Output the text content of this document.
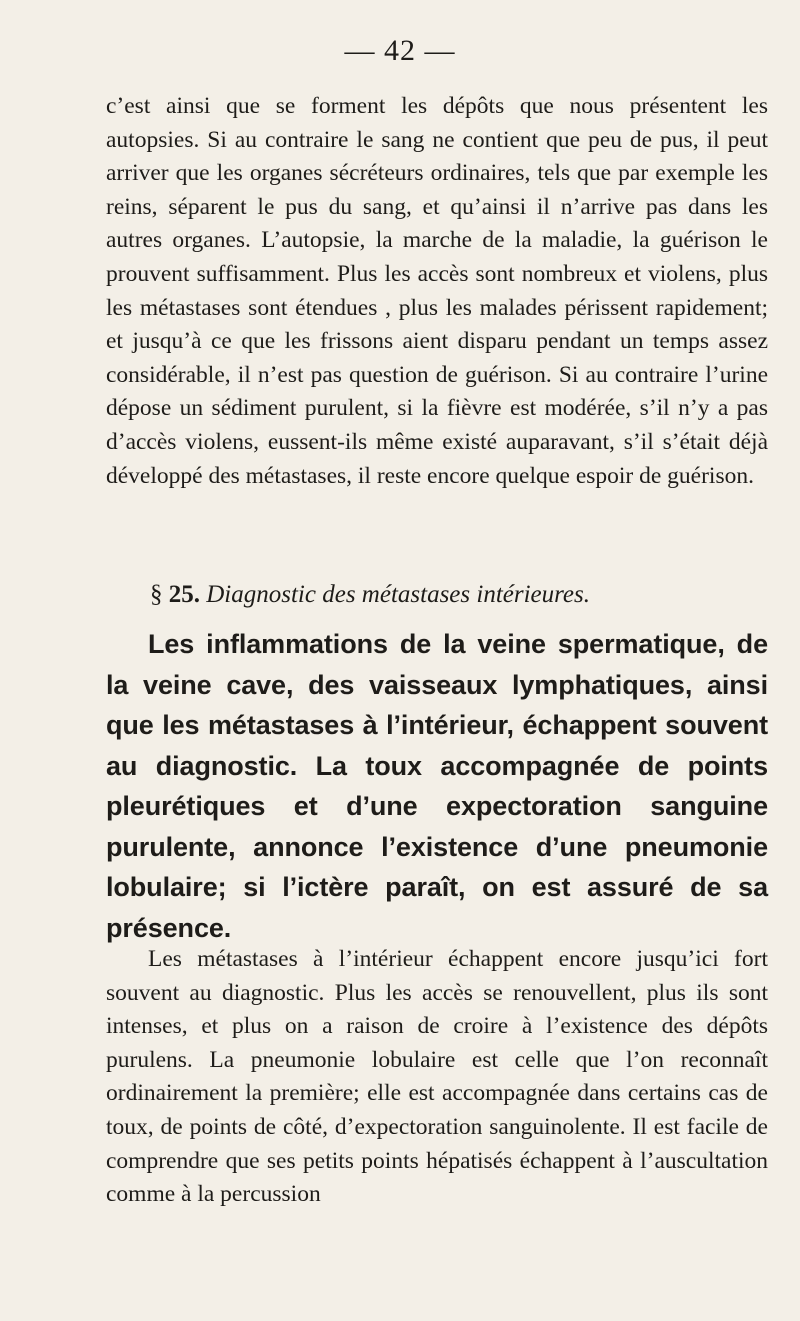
— 42 —
c’est ainsi que se forment les dépôts que nous présentent les autopsies. Si au contraire le sang ne contient que peu de pus, il peut arriver que les organes sécréteurs ordinaires, tels que par exemple les reins, séparent le pus du sang, et qu’ainsi il n’arrive pas dans les autres organes. L’autopsie, la marche de la maladie, la guérison le prouvent suffisamment. Plus les accès sont nombreux et violens, plus les métastases sont étendues , plus les malades périssent rapidement; et jusqu’à ce que les frissons aient disparu pendant un temps assez considérable, il n’est pas question de guérison. Si au contraire l’urine dépose un sédiment purulent, si la fièvre est modérée, s’il n’y a pas d’accès violens, eussent-ils même existé auparavant, s’il s’était déjà développé des métastases, il reste encore quelque espoir de guérison.
§ 25. Diagnostic des métastases intérieures.
Les inflammations de la veine spermatique, de la veine cave, des vaisseaux lymphatiques, ainsi que les métastases à l’intérieur, échappent souvent au diagnostic. La toux accompagnée de points pleurétiques et d’une expectoration sanguine purulente, annonce l’existence d’une pneumonie lobulaire; si l’ictère paraît, on est assuré de sa présence.
Les métastases à l’intérieur échappent encore jusqu’ici fort souvent au diagnostic. Plus les accès se renouvellent, plus ils sont intenses, et plus on a raison de croire à l’existence des dépôts purulens. La pneumonie lobulaire est celle que l’on reconnaît ordinairement la première; elle est accompagnée dans certains cas de toux, de points de côté, d’expectoration sanguinolente. Il est facile de comprendre que ses petits points hépatisés échappent à l’auscultation comme à la percussion
